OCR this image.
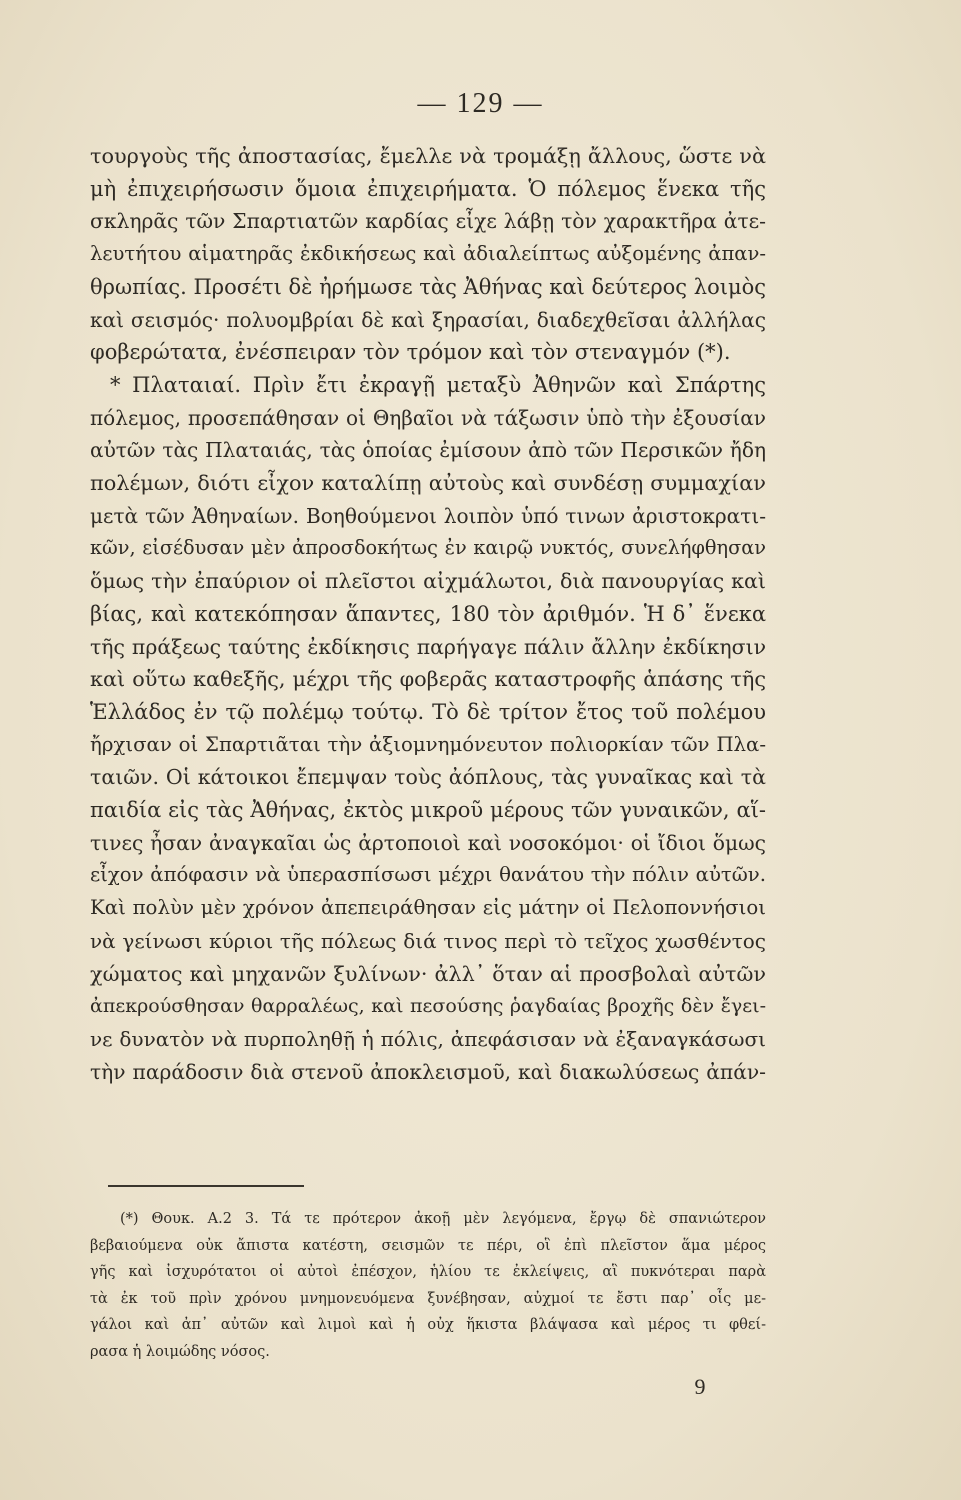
— 129 —
τουργοὺς τῆς ἀποστασίας, ἔμελλε νὰ τρομάξῃ ἄλλους, ὥστε νὰ
μὴ ἐπιχειρήσωσιν ὅμοια ἐπιχειρήματα. Ὁ πόλεμος ἕνεκα τῆς
σκληρᾶς τῶν Σπαρτιατῶν καρδίας εἶχε λάβῃ τὸν χαρακτῆρα ἀτε-
λευτήτου αἱματηρᾶς ἐκδικήσεως καὶ ἀδιαλείπτως αὐξομένης ἀπαν-
θρωπίας. Προσέτι δὲ ἠρήμωσε τὰς Ἀθήνας καὶ δεύτερος λοιμὸς
καὶ σεισμός· πολυομβρίαι δὲ καὶ ξηρασίαι, διαδεχθεῖσαι ἀλλήλας
φοβερώτατα, ἐνέσπειραν τὸν τρόμον καὶ τὸν στεναγμόν (*).
* Πλαταιαί. Πρὶν ἔτι ἐκραγῇ μεταξὺ Ἀθηνῶν καὶ Σπάρτης
πόλεμος, προσεπάθησαν οἱ Θηβαῖοι νὰ τάξωσιν ὑπὸ τὴν ἐξουσίαν
αὐτῶν τὰς Πλαταιάς, τὰς ὁποίας ἐμίσουν ἀπὸ τῶν Περσικῶν ἤδη
πολέμων, διότι εἶχον καταλίπῃ αὐτοὺς καὶ συνδέσῃ συμμαχίαν
μετὰ τῶν Ἀθηναίων. Βοηθούμενοι λοιπὸν ὑπό τινων ἀριστοκρατι-
κῶν, εἰσέδυσαν μὲν ἀπροσδοκήτως ἐν καιρῷ νυκτός, συνελήφθησαν
ὅμως τὴν ἐπαύριον οἱ πλεῖστοι αἰχμάλωτοι, διὰ πανουργίας καὶ
βίας, καὶ κατεκόπησαν ἅπαντες, 180 τὸν ἀριθμόν. Ἡ δ᾽ ἕνεκα
τῆς πράξεως ταύτης ἐκδίκησις παρήγαγε πάλιν ἄλλην ἐκδίκησιν
καὶ οὕτω καθεξῆς, μέχρι τῆς φοβερᾶς καταστροφῆς ἁπάσης τῆς
Ἑλλάδος ἐν τῷ πολέμῳ τούτῳ. Τὸ δὲ τρίτον ἔτος τοῦ πολέμου
ἤρχισαν οἱ Σπαρτιᾶται τὴν ἀξιομνημόνευτον πολιορκίαν τῶν Πλα-
ταιῶν. Οἱ κάτοικοι ἔπεμψαν τοὺς ἀόπλους, τὰς γυναῖκας καὶ τὰ
παιδία εἰς τὰς Ἀθήνας, ἐκτὸς μικροῦ μέρους τῶν γυναικῶν, αἵ-
τινες ἦσαν ἀναγκαῖαι ὡς ἀρτοποιοὶ καὶ νοσοκόμοι· οἱ ἴδιοι ὅμως
εἶχον ἀπόφασιν νὰ ὑπερασπίσωσι μέχρι θανάτου τὴν πόλιν αὐτῶν.
Καὶ πολὺν μὲν χρόνον ἀπεπειράθησαν εἰς μάτην οἱ Πελοποννήσιοι
νὰ γείνωσι κύριοι τῆς πόλεως διά τινος περὶ τὸ τεῖχος χωσθέντος
χώματος καὶ μηχανῶν ξυλίνων· ἀλλ᾽ ὅταν αἱ προσβολαὶ αὐτῶν
ἀπεκρούσθησαν θαρραλέως, καὶ πεσούσης ῥαγδαίας βροχῆς δὲν ἔγει-
νε δυνατὸν νὰ πυρποληθῇ ἡ πόλις, ἀπεφάσισαν νὰ ἐξαναγκάσωσι
τὴν παράδοσιν διὰ στενοῦ ἀποκλεισμοῦ, καὶ διακωλύσεως ἀπάν-
(*) Θουκ. Α.2 3. Τά τε πρότερον ἀκοῇ μὲν λεγόμενα, ἔργῳ δὲ σπανιώτερον
βεβαιούμενα οὐκ ἄπιστα κατέστη, σεισμῶν τε πέρι, οἳ ἐπὶ πλεῖστον ἅμα μέρος
γῆς καὶ ἰσχυρότατοι οἱ αὐτοὶ ἐπέσχον, ἡλίου τε ἐκλείψεις, αἳ πυκνότεραι παρὰ
τὰ ἐκ τοῦ πρὶν χρόνου μνημονευόμενα ξυνέβησαν, αὐχμοί τε ἔστι παρ᾽ οἷς με-
γάλοι καὶ ἀπ᾽ αὐτῶν καὶ λιμοὶ καὶ ἡ οὐχ ἥκιστα βλάψασα καὶ μέρος τι φθεί-
ρασα ἡ λοιμώδης νόσος.
9
